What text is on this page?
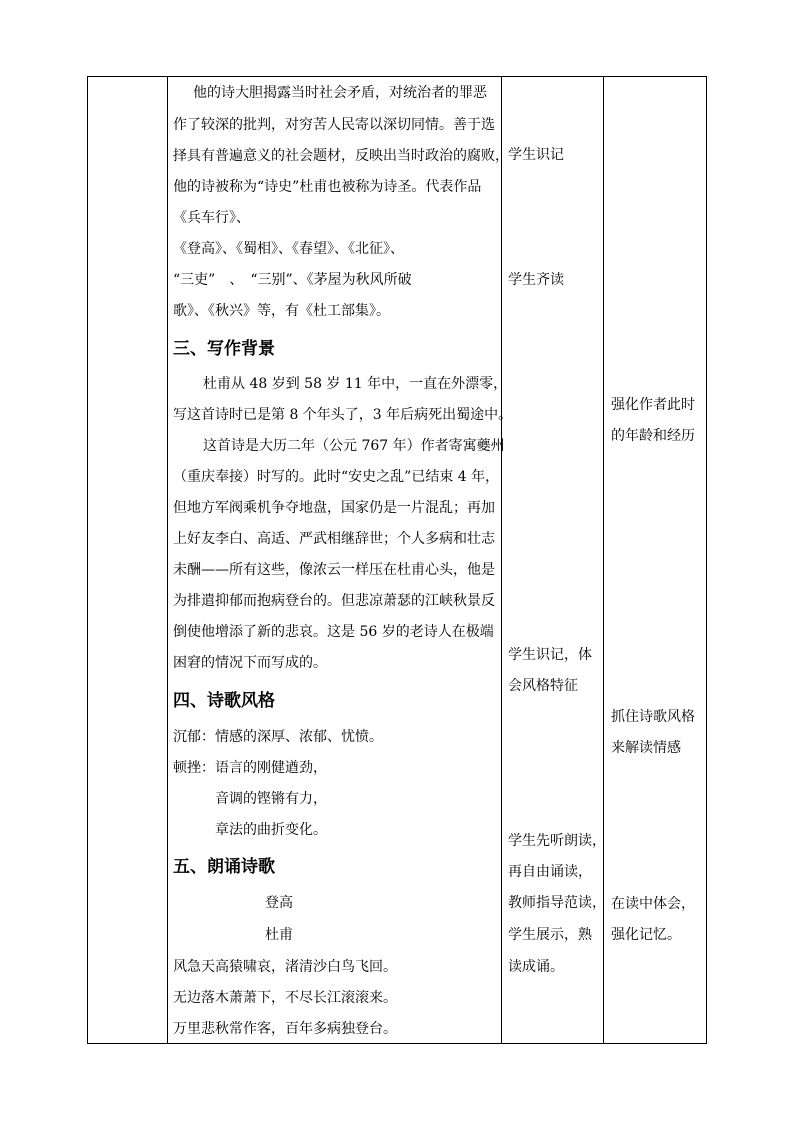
他的诗大胆揭露当时社会矛盾，对统治者的罪恶
作了较深的批判，对穷苦人民寄以深切同情。善于选
择具有普遍意义的社会题材，反映出当时政治的腐败，
他的诗被称为“诗史”杜甫也被称为诗圣。代表作品
《兵车行》、
《登高》、《蜀相》、《春望》、《北征》、
“三吏”　、　“三别”、《茅屋为秋风所破
歌》、《秋兴》等，有《杜工部集》。
三、写作背景
杜甫从 48 岁到 58 岁 11 年中，一直在外漂零，
写这首诗时已是第 8 个年头了，3 年后病死出蜀途中。
这首诗是大历二年（公元 767 年）作者寄寓夔州
（重庆奉接）时写的。此时“安史之乱”已结束 4 年，
但地方军阀乘机争夺地盘，国家仍是一片混乱；再加
上好友李白、高适、严武相继辞世；个人多病和壮志
未酬——所有这些，像浓云一样压在杜甫心头，他是
为排遣抑郁而抱病登台的。但悲凉萧瑟的江峡秋景反
倒使他增添了新的悲哀。这是 56 岁的老诗人在极端
困窘的情况下而写成的。
四、诗歌风格
沉郁：情感的深厚、浓郁、忧愤。
顿挫：语言的刚健遒劲，
音调的铿锵有力，
章法的曲折变化。
五、朗诵诗歌
登高
杜甫
风急天高猿啸哀，渚清沙白鸟飞回。
无边落木萧萧下，不尽长江滚滚来。
万里悲秋常作客，百年多病独登台。
学生识记
学生齐读
学生识记，体
会风格特征
学生先听朗读，
再自由诵读，
教师指导范读，
学生展示，熟
读成诵。
强化作者此时
的年龄和经历
抓住诗歌风格
来解读情感
在读中体会，
强化记忆。
